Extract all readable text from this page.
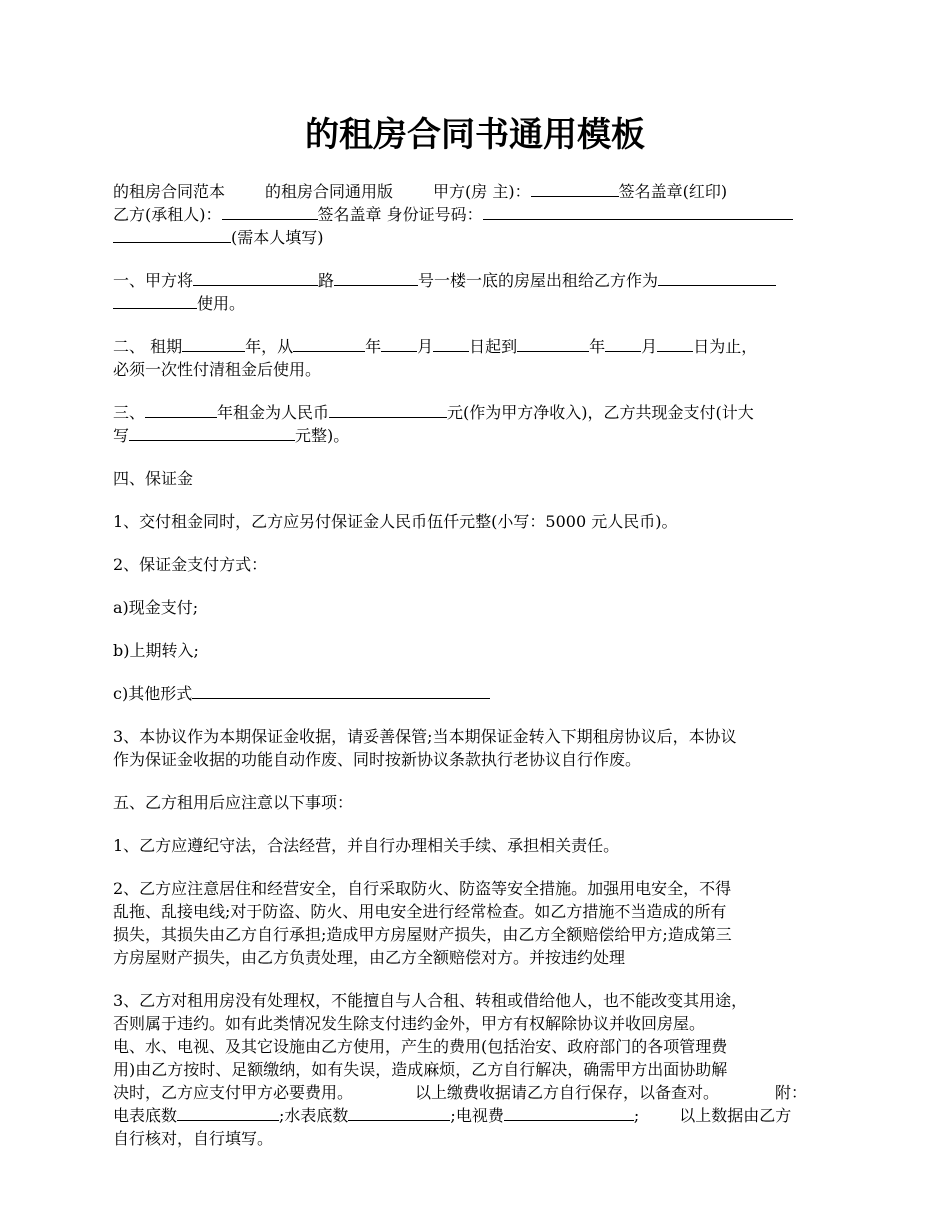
的租房合同书通用模板
的租房合同范本	的租房合同通用版	甲方(房 主)：	签名盖章(红印)
乙方(承租人)：	签名盖章 身份证号码：
(需本人填写)
一、甲方将	路	号一楼一底的房屋出租给乙方作为
使用。
二、 租期	年，从	年 月 日起到	年 月 日为止，
必须一次性付清租金后使用。
三、	年租金为人民币	元(作为甲方净收入)，乙方共现金支付(计大
写	元整)。
四、保证金
1、交付租金同时，乙方应另付保证金人民币伍仟元整(小写：5000 元人民币)。
2、保证金支付方式：
a)现金支付;
b)上期转入;
c)其他形式
3、本协议作为本期保证金收据，请妥善保管;当本期保证金转入下期租房协议后，本协议
作为保证金收据的功能自动作废、同时按新协议条款执行老协议自行作废。
五、乙方租用后应注意以下事项：
1、乙方应遵纪守法，合法经营，并自行办理相关手续、承担相关责任。
2、乙方应注意居住和经营安全，自行采取防火、防盗等安全措施。加强用电安全，不得
乱拖、乱接电线;对于防盗、防火、用电安全进行经常检查。如乙方措施不当造成的所有
损失，其损失由乙方自行承担;造成甲方房屋财产损失，由乙方全额赔偿给甲方;造成第三
方房屋财产损失，由乙方负责处理，由乙方全额赔偿对方。并按违约处理
3、乙方对租用房没有处理权，不能擅自与人合租、转租或借给他人，也不能改变其用途，
否则属于违约。如有此类情况发生除支付违约金外，甲方有权解除协议并收回房屋。
电、水、电视、及其它设施由乙方使用，产生的费用(包括治安、政府部门的各项管理费
用)由乙方按时、足额缴纳，如有失误，造成麻烦，乙方自行解决，确需甲方出面协助解
决时，乙方应支付甲方必要费用。	以上缴费收据请乙方自行保存，以备查对。	附：
电表底数	;水表底数	;电视费	;	以上数据由乙方
自行核对，自行填写。
